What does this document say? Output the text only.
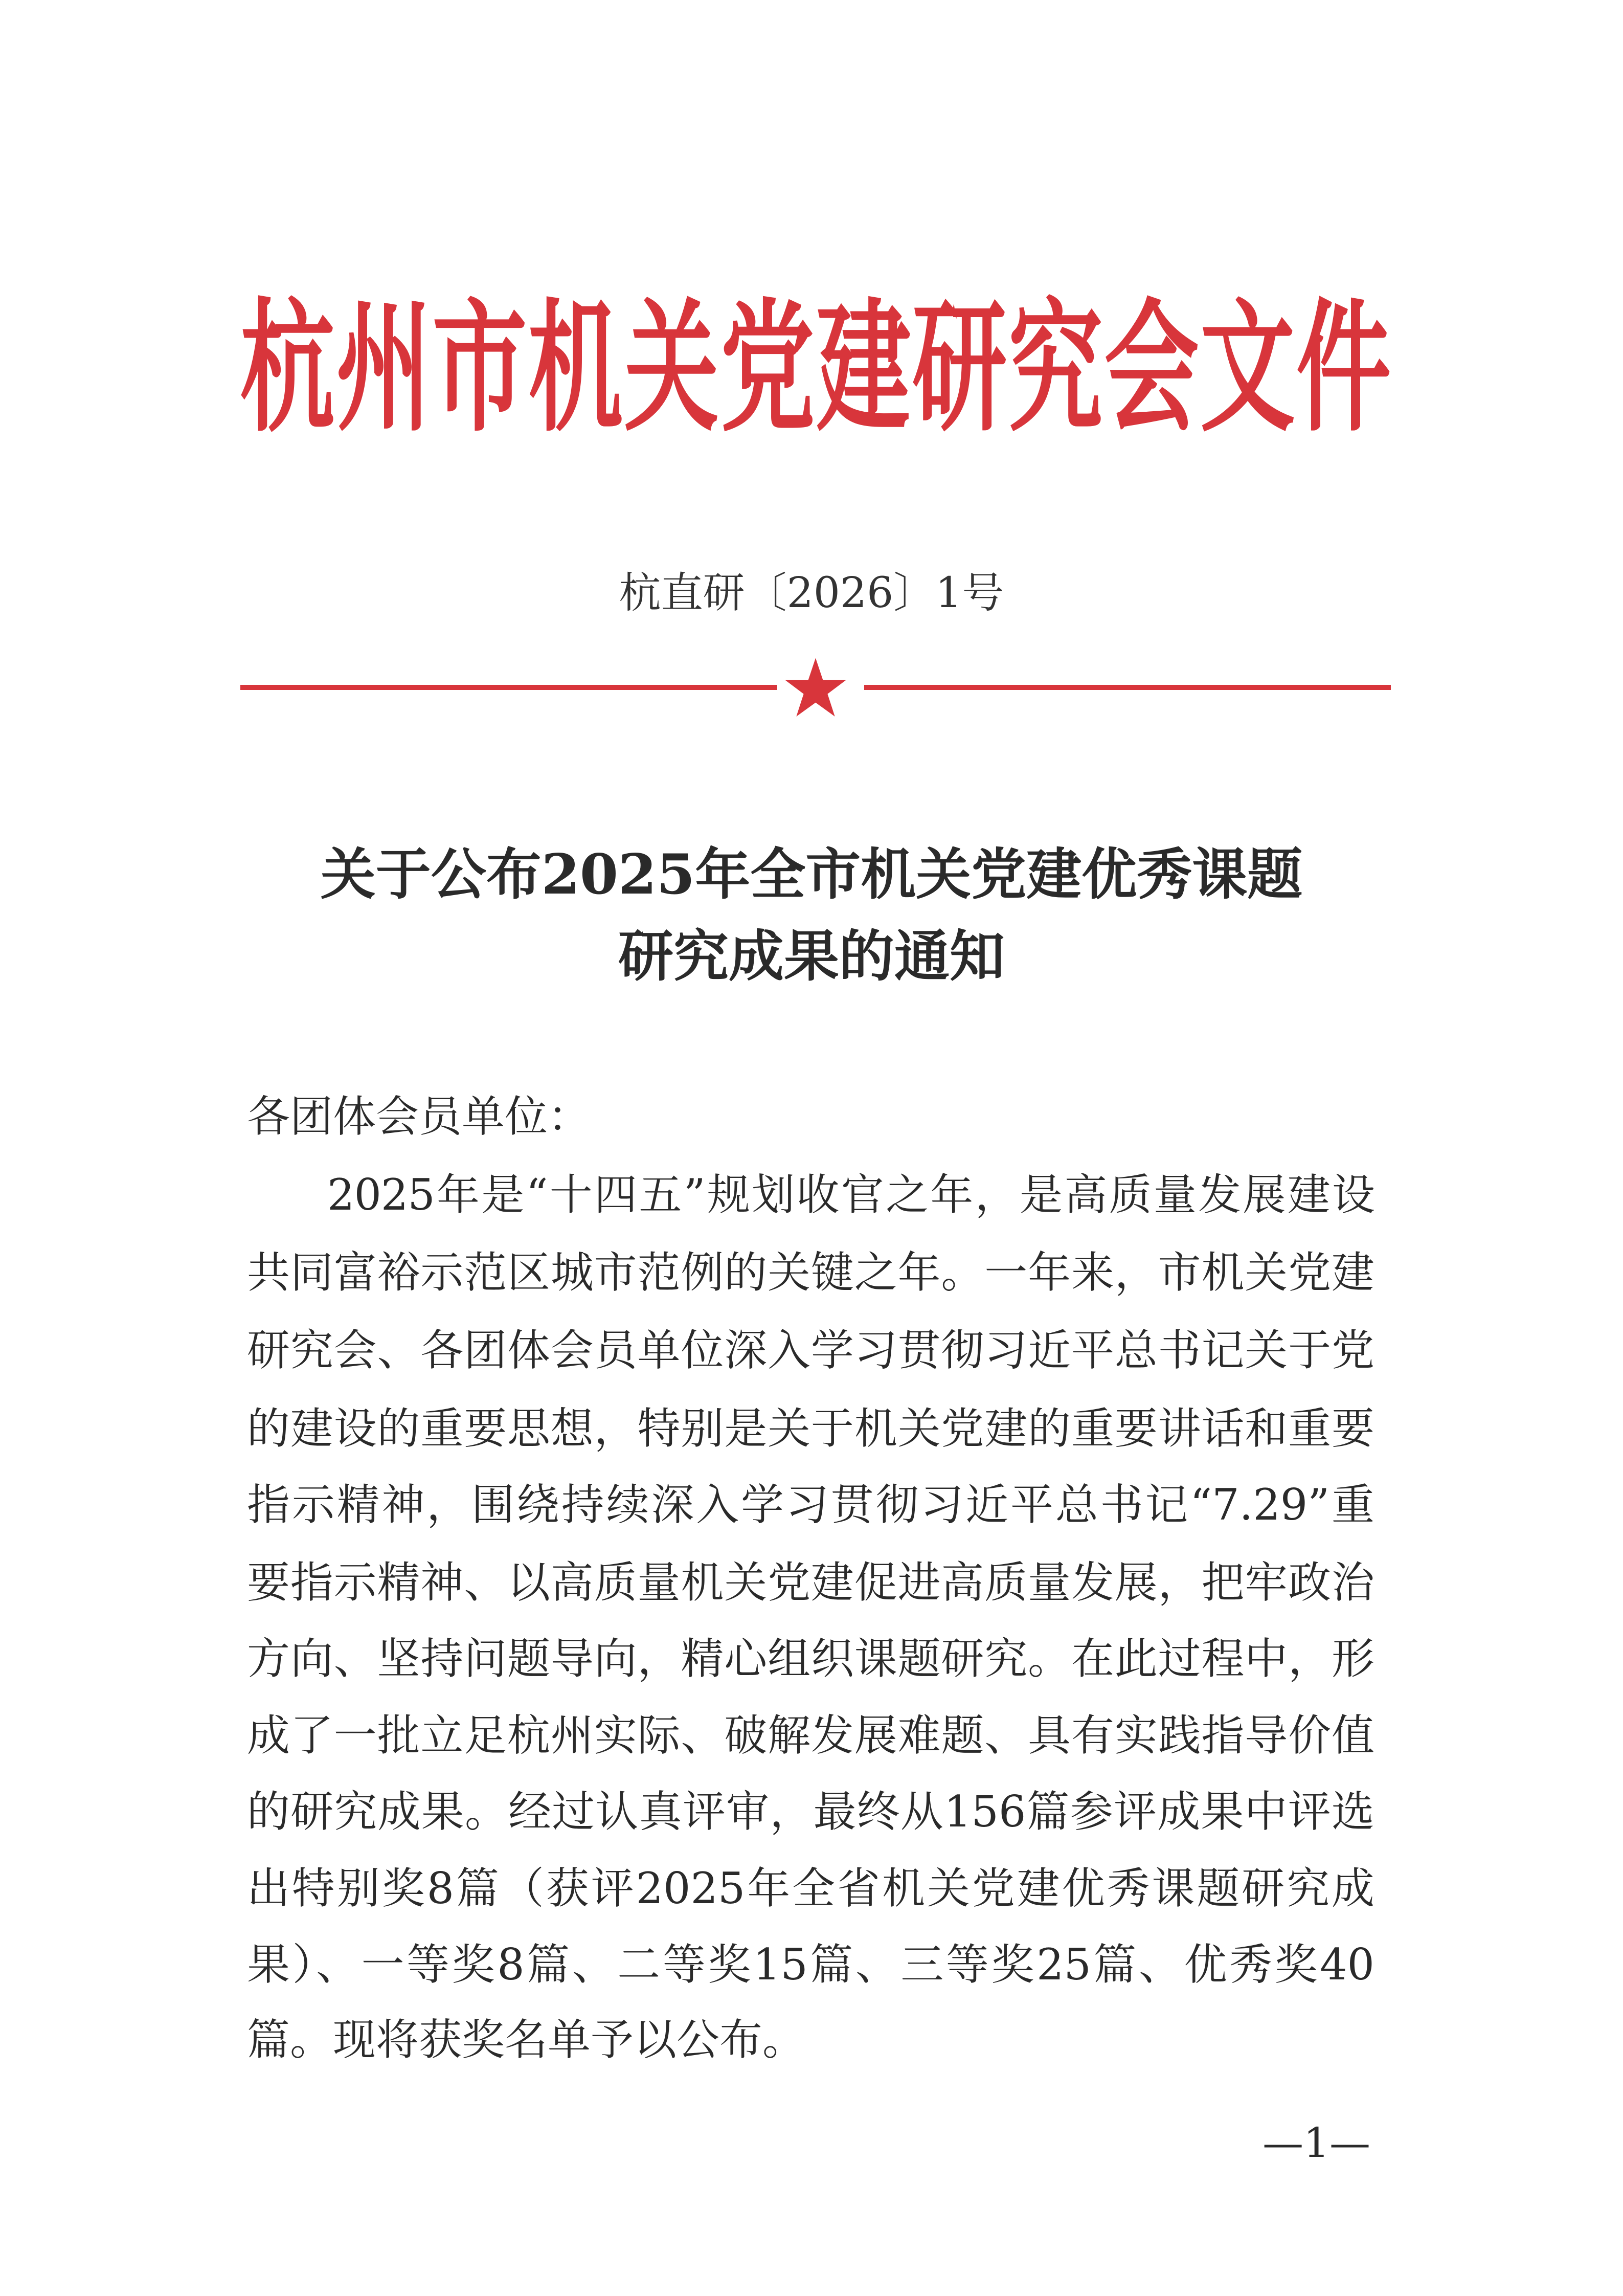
杭州市机关党建研究会文件
杭直研〔2026〕1号
关于公布2025年全市机关党建优秀课题
研究成果的通知
各团体会员单位：
2025年是“十四五”规划收官之年，是高质量发展建设
共同富裕示范区城市范例的关键之年。一年来，市机关党建
研究会、各团体会员单位深入学习贯彻习近平总书记关于党
的建设的重要思想，特别是关于机关党建的重要讲话和重要
指示精神，围绕持续深入学习贯彻习近平总书记“7.29”重
要指示精神、以高质量机关党建促进高质量发展，把牢政治
方向、坚持问题导向，精心组织课题研究。在此过程中，形
成了一批立足杭州实际、破解发展难题、具有实践指导价值
的研究成果。经过认真评审，最终从156篇参评成果中评选
出特别奖8篇（获评2025年全省机关党建优秀课题研究成
果）、一等奖8篇、二等奖15篇、三等奖25篇、优秀奖40
篇。现将获奖名单予以公布。
—1—
